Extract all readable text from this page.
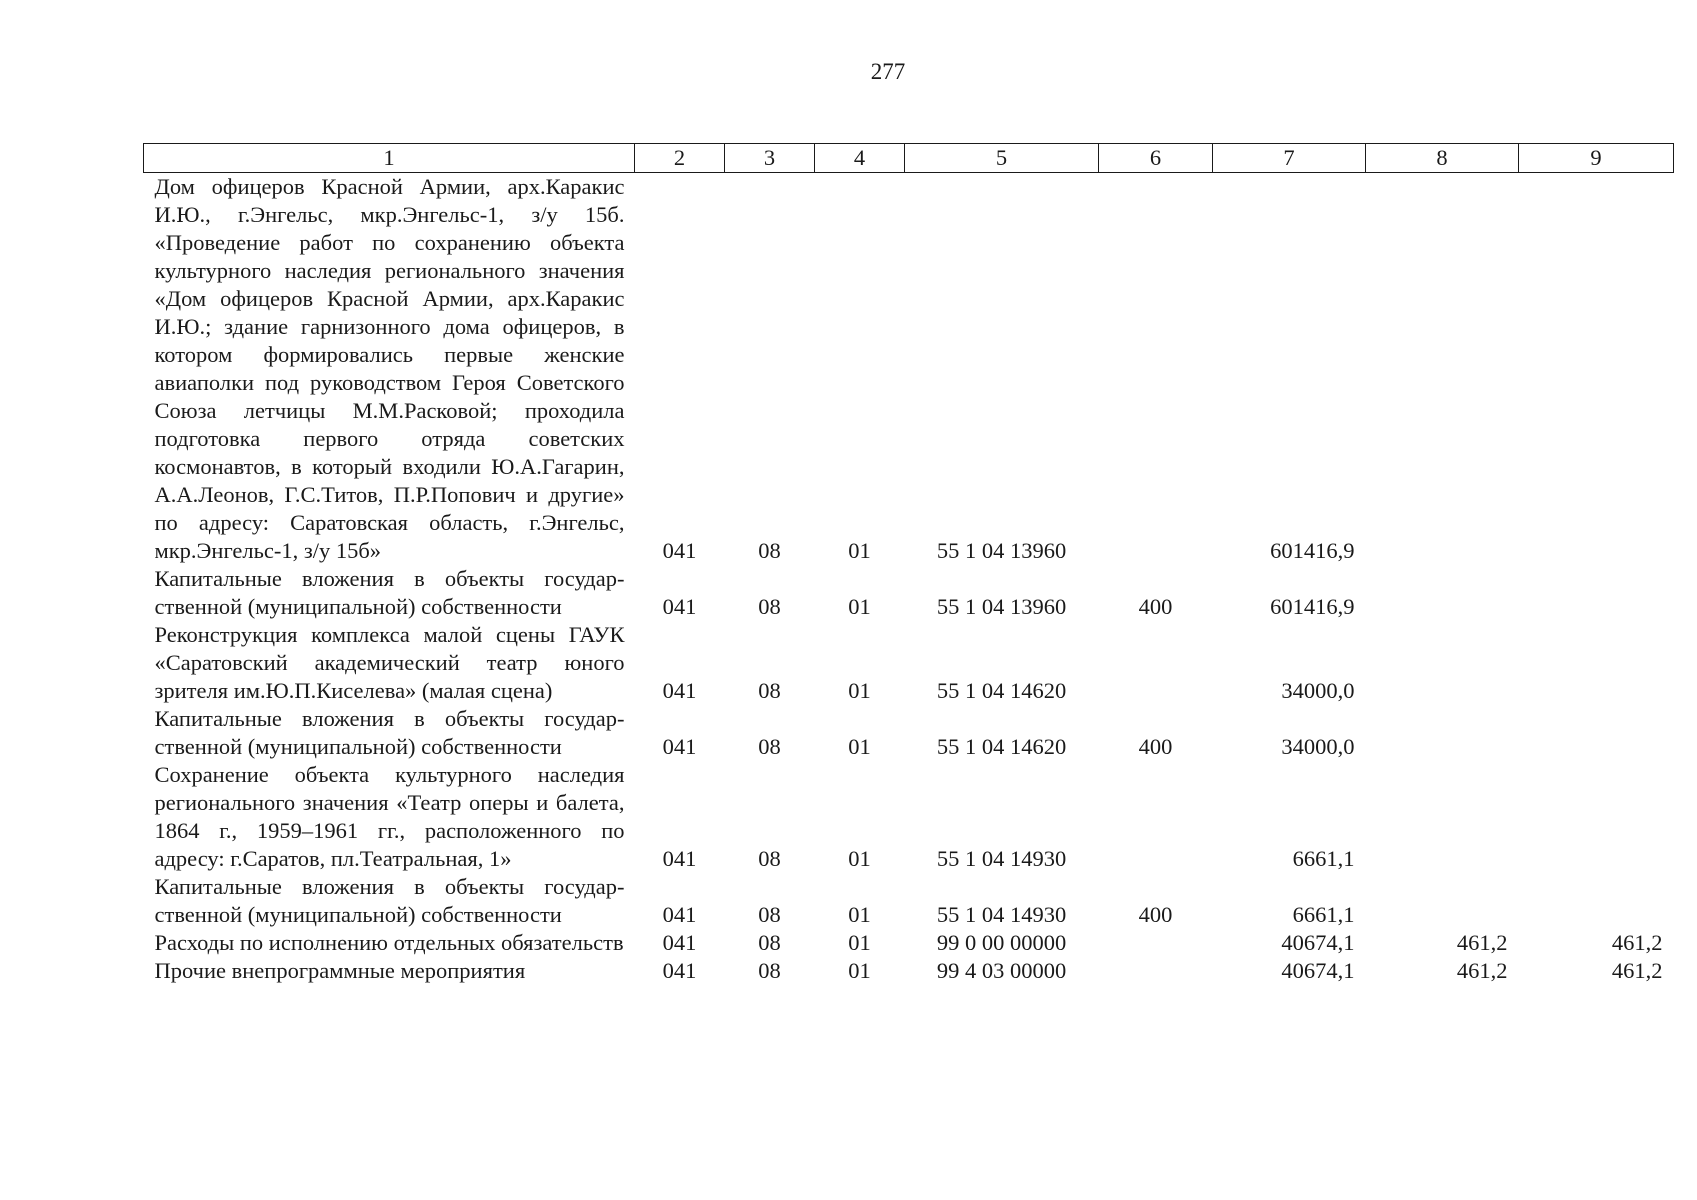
277
1	2	3	4	5	6	7	8	9
Дом офицеров Красной Армии, арх.Каракис И.Ю., г.Энгельс, мкр.Энгельс-1, з/у 15б. «Проведение работ по сохранению объекта культурного наследия регионального значения «Дом офицеров Красной Армии, арх.Каракис И.Ю.; здание гарнизонного дома офицеров, в котором формировались первые женские авиаполки под руководством Героя Советского Союза летчицы М.М.Расковой; проходила подготовка первого отряда советских космонавтов, в который входили Ю.А.Гагарин, А.А.Леонов, Г.С.Титов, П.Р.Попович и другие» по адресу: Саратовская область, г.Энгельс, мкр.Энгельс-1, з/у 15б»	041	08	01	55 1 04 13960		601416,9		
Капитальные вложения в объекты государственной (муниципальной) собственности	041	08	01	55 1 04 13960	400	601416,9		
Реконструкция комплекса малой сцены ГАУК «Саратовский академический театр юного зрителя им.Ю.П.Киселева» (малая сцена)	041	08	01	55 1 04 14620		34000,0		
Капитальные вложения в объекты государственной (муниципальной) собственности	041	08	01	55 1 04 14620	400	34000,0		
Сохранение объекта культурного наследия регионального значения «Театр оперы и балета, 1864 г., 1959–1961 гг., расположенного по адресу: г.Саратов, пл.Театральная, 1»	041	08	01	55 1 04 14930		6661,1		
Капитальные вложения в объекты государственной (муниципальной) собственности	041	08	01	55 1 04 14930	400	6661,1		
Расходы по исполнению отдельных обязательств	041	08	01	99 0 00 00000		40674,1	461,2	461,2
Прочие внепрограммные мероприятия	041	08	01	99 4 03 00000		40674,1	461,2	461,2
